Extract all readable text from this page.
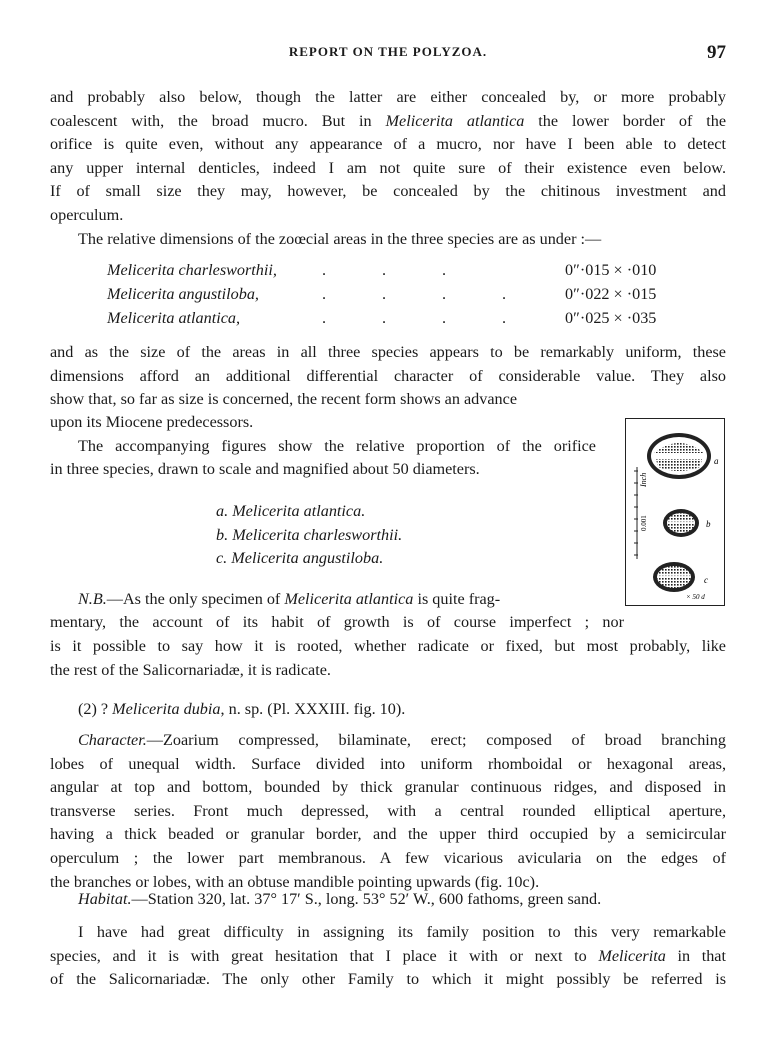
REPORT ON THE POLYZOA.	97
and probably also below, though the latter are either concealed by, or more probably
coalescent with, the broad mucro. But in Melicerita atlantica the lower border of the
orifice is quite even, without any appearance of a mucro, nor have I been able to detect
any upper internal denticles, indeed I am not quite sure of their existence even below.
If of small size they may, however, be concealed by the chitinous investment and
operculum.
The relative dimensions of the zoœcial areas in the three species are as under :—
Melicerita charlesworthii,	.	.	.	0″·015 × ·010
Melicerita angustiloba,	.	.	.	.	0″·022 × ·015
Melicerita atlantica,	.	.	.	.	0″·025 × ·035
and as the size of the areas in all three species appears to be remarkably uniform, these
dimensions afford an additional differential character of considerable value. They also

show that, so far as size is concerned, the recent form shows an advance

upon its Miocene predecessors.

The accompanying figures show the relative proportion of the orifice

in three species, drawn to scale and magnified about 50 diameters.

a. Melicerita atlantica.
b. Melicerita charlesworthii.
c. Melicerita angustiloba.
Inch
0.001
a
b
c
× 50 d

N.B.—As the only specimen of Melicerita atlantica is quite frag-

mentary, the account of its habit of growth is of course imperfect ; nor

is it possible to say how it is rooted, whether radicate or fixed, but most probably, like
the rest of the Salicornariadæ, it is radicate.
(2) ? Melicerita dubia, n. sp. (Pl. XXXIII. fig. 10).
Character.—Zoarium compressed, bilaminate, erect; composed of broad branching
lobes of unequal width. Surface divided into uniform rhomboidal or hexagonal areas,
angular at top and bottom, bounded by thick granular continuous ridges, and disposed in
transverse series. Front much depressed, with a central rounded elliptical aperture,
having a thick beaded or granular border, and the upper third occupied by a semicircular
operculum ; the lower part membranous. A few vicarious avicularia on the edges of
the branches or lobes, with an obtuse mandible pointing upwards (fig. 10c).
Habitat.—Station 320, lat. 37° 17′ S., long. 53° 52′ W., 600 fathoms, green sand.
I have had great difficulty in assigning its family position to this very remarkable
species, and it is with great hesitation that I place it with or next to Melicerita in that
of the Salicornariadæ. The only other Family to which it might possibly be referred is
